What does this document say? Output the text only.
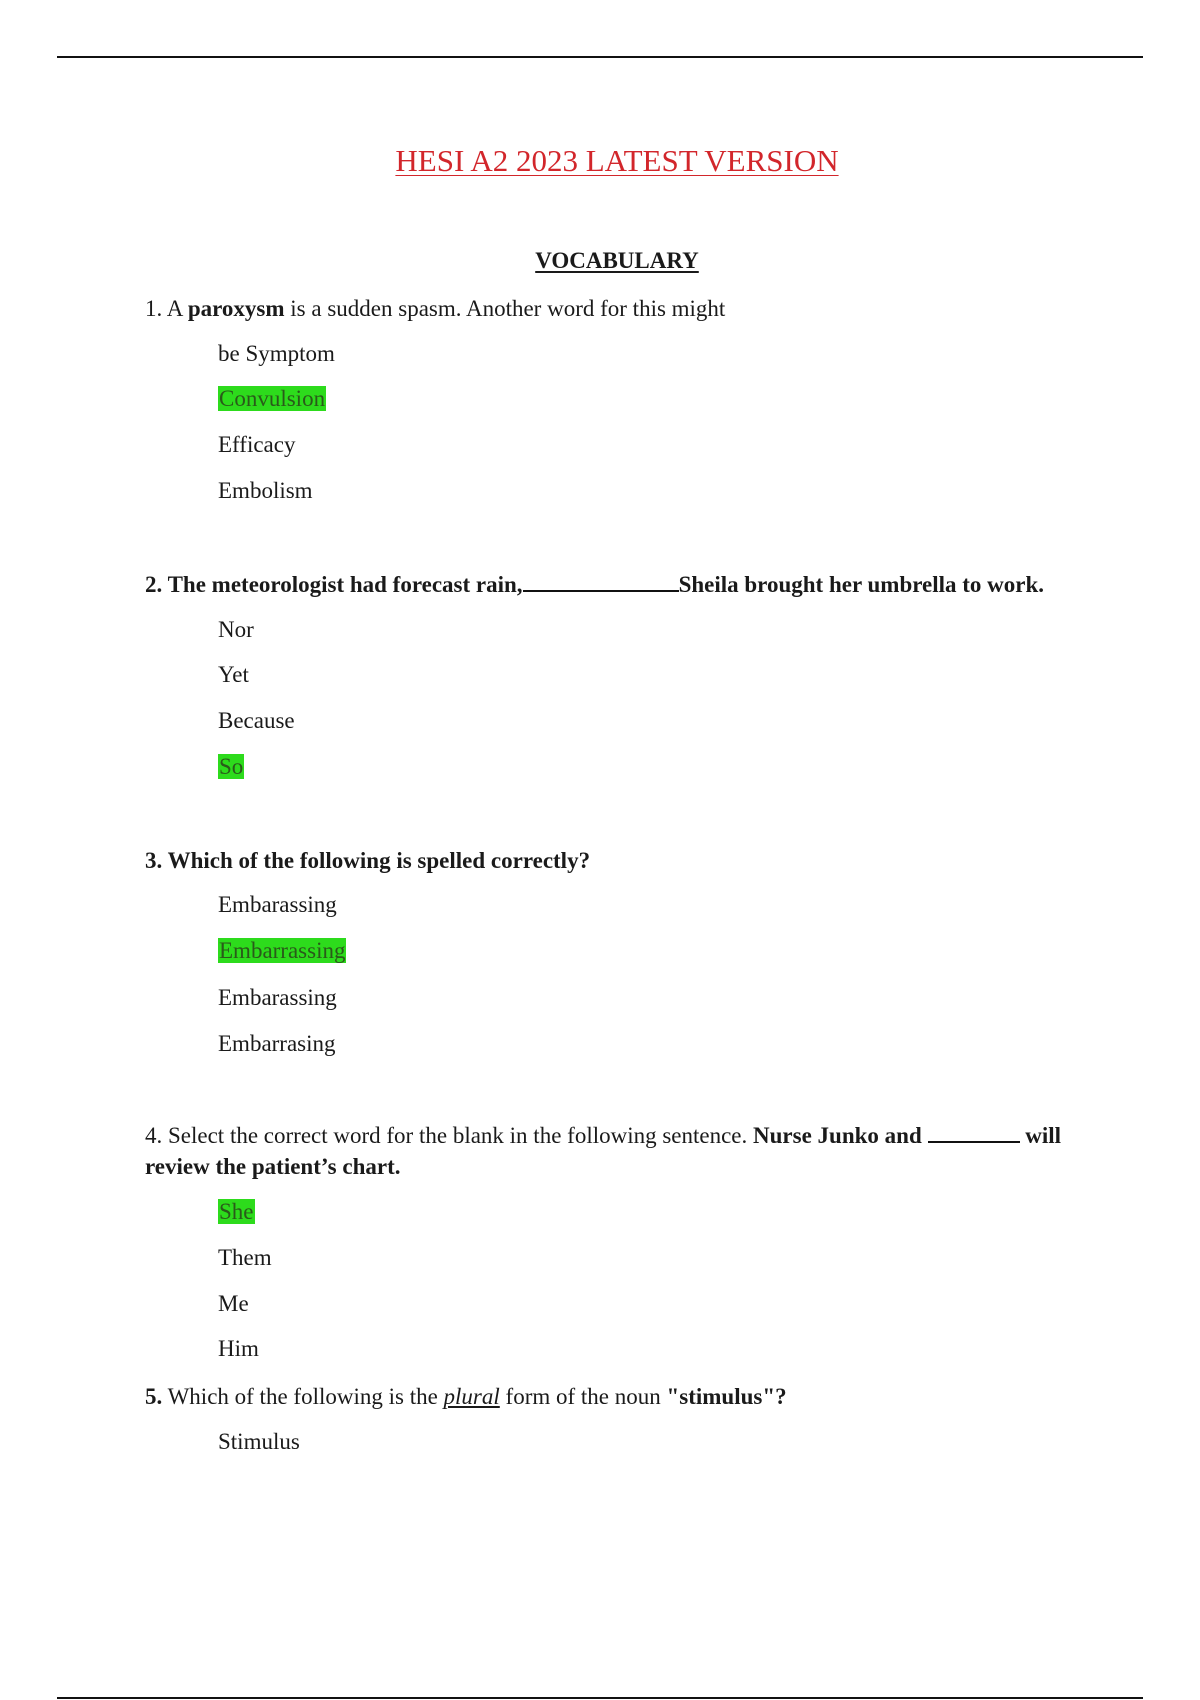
HESI A2 2023 LATEST VERSION
VOCABULARY
1. A paroxysm is a sudden spasm. Another word for this might
be Symptom
Convulsion
Efficacy
Embolism
2. The meteorologist had forecast rain,	Sheila brought her umbrella to work.
Nor
Yet
Because
So
3. Which of the following is spelled correctly?
Embarassing
Embarrassing
Embarassing
Embarrasing
4. Select the correct word for the blank in the following sentence. Nurse Junko and	will review the patient’s chart.
She
Them
Me
Him
5. Which of the following is the plural form of the noun "stimulus"?
Stimulus
